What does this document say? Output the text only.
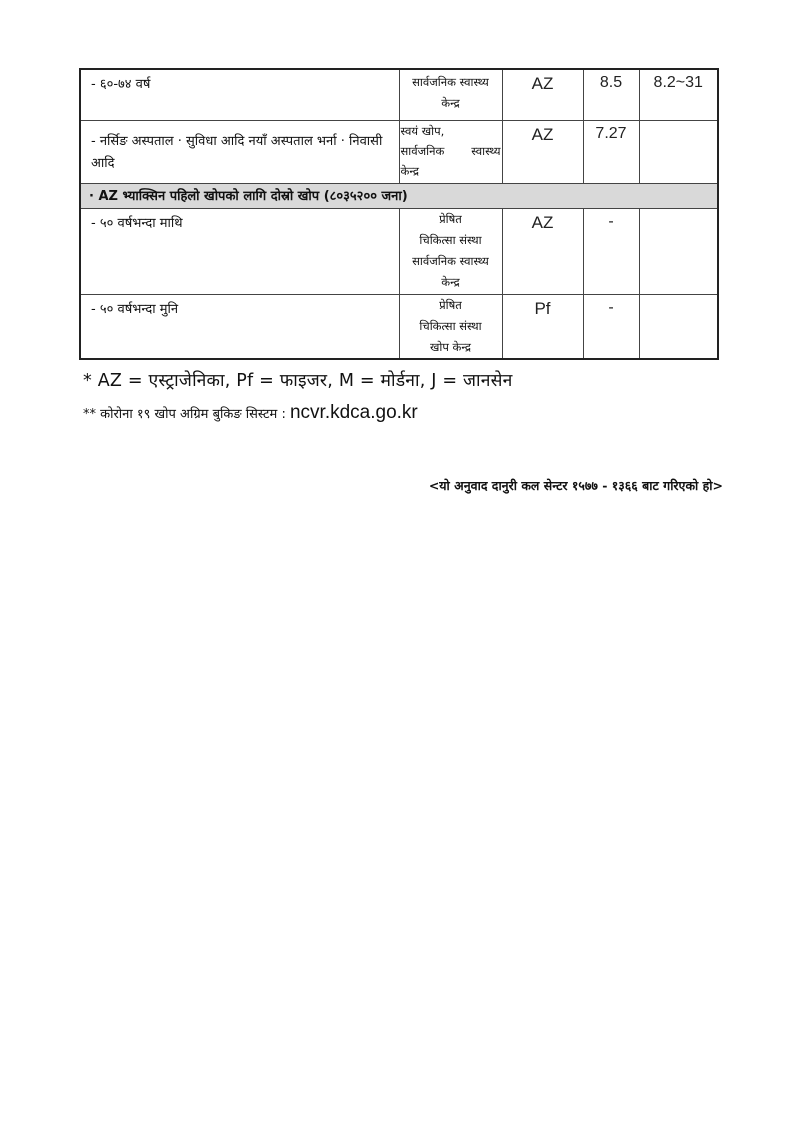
- ६०-७४ वर्ष	सार्वजनिक स्वास्थ्य
केन्द्र	AZ	8.5	8.2~31
- नर्सिङ अस्पताल · सुविधा आदि नयाँ अस्पताल भर्ना · निवासी आदि	स्वयं खोप,
सार्वजनिक स्वास्थ्य
केन्द्र	AZ	7.27	
· AZ भ्याक्सिन पहिलो खोपको लागि दोस्रो खोप (८०३५२०० जना)				
- ५० वर्षभन्दा माथि	प्रेषित
चिकित्सा संस्था
सार्वजनिक स्वास्थ्य
केन्द्र	AZ	-	
- ५० वर्षभन्दा मुनि	प्रेषित
चिकित्सा संस्था
खोप केन्द्र	Pf	-	
* AZ = एस्ट्राजेनिका, Pf = फाइजर, M = मोर्डना, J = जानसेन
** कोरोना १९ खोप अग्रिम बुकिङ सिस्टम : ncvr.kdca.go.kr
<यो अनुवाद दानुरी कल सेन्टर १५७७ - १३६६ बाट गरिएको हो>
